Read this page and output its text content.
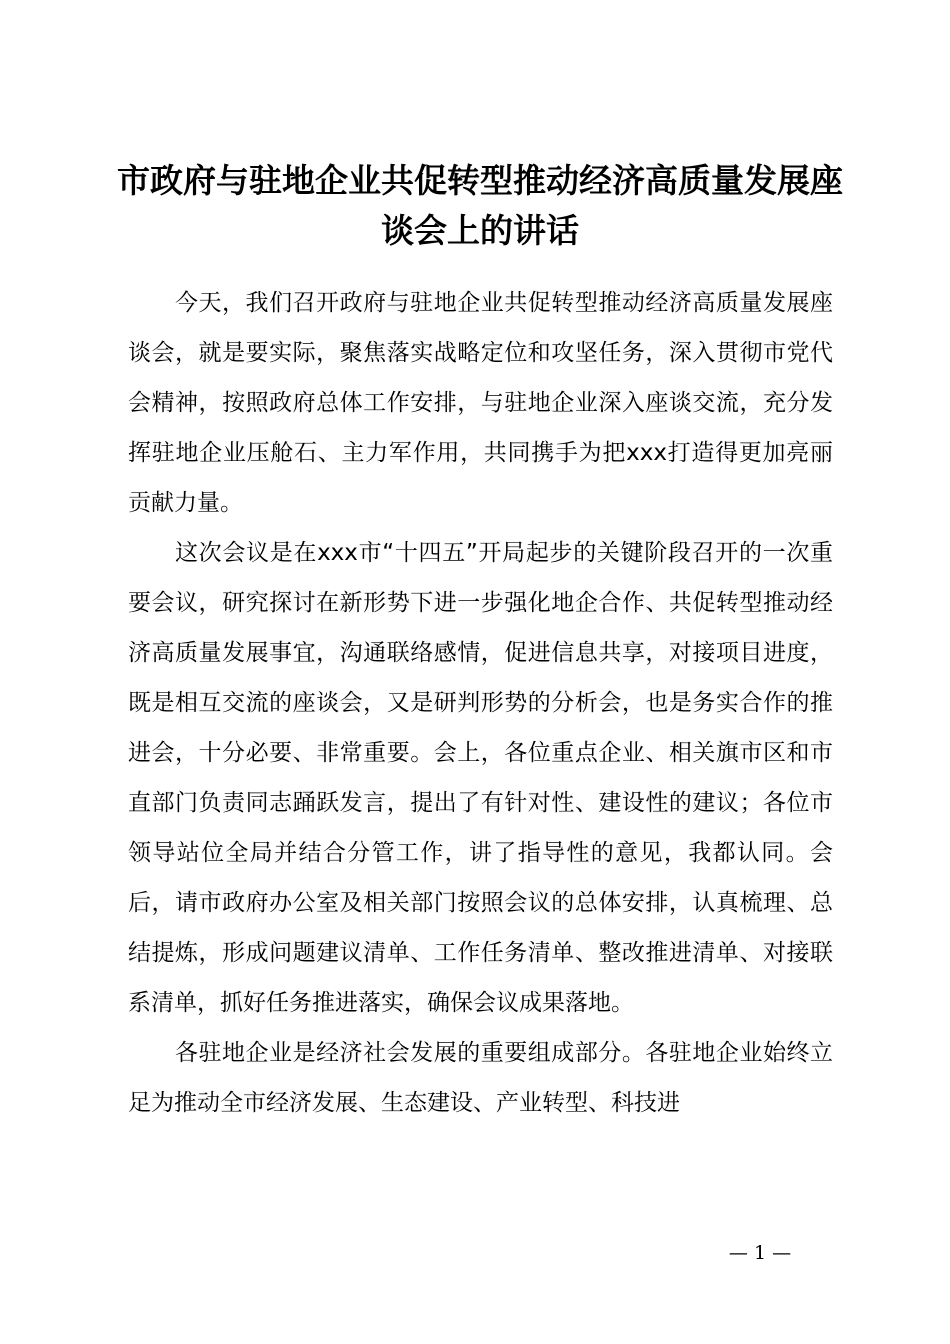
市政府与驻地企业共促转型推动经济高质量发展座谈会上的讲话

今天，我们召开政府与驻地企业共促转型推动经济高质量发展座谈会，就是要实际，聚焦落实战略定位和攻坚任务，深入贯彻市党代会精神，按照政府总体工作安排，与驻地企业深入座谈交流，充分发挥驻地企业压舱石、主力军作用，共同携手为把xxx打造得更加亮丽贡献力量。

这次会议是在xxx市“十四五”开局起步的关键阶段召开的一次重要会议，研究探讨在新形势下进一步强化地企合作、共促转型推动经济高质量发展事宜，沟通联络感情，促进信息共享，对接项目进度，既是相互交流的座谈会，又是研判形势的分析会，也是务实合作的推进会，十分必要、非常重要。会上，各位重点企业、相关旗市区和市直部门负责同志踊跃发言，提出了有针对性、建设性的建议；各位市领导站位全局并结合分管工作，讲了指导性的意见，我都认同。会后，请市政府办公室及相关部门按照会议的总体安排，认真梳理、总结提炼，形成问题建议清单、工作任务清单、整改推进清单、对接联系清单，抓好任务推进落实，确保会议成果落地。

各驻地企业是经济社会发展的重要组成部分。各驻地企业始终立足为推动全市经济发展、生态建设、产业转型、科技进

— 1 —
